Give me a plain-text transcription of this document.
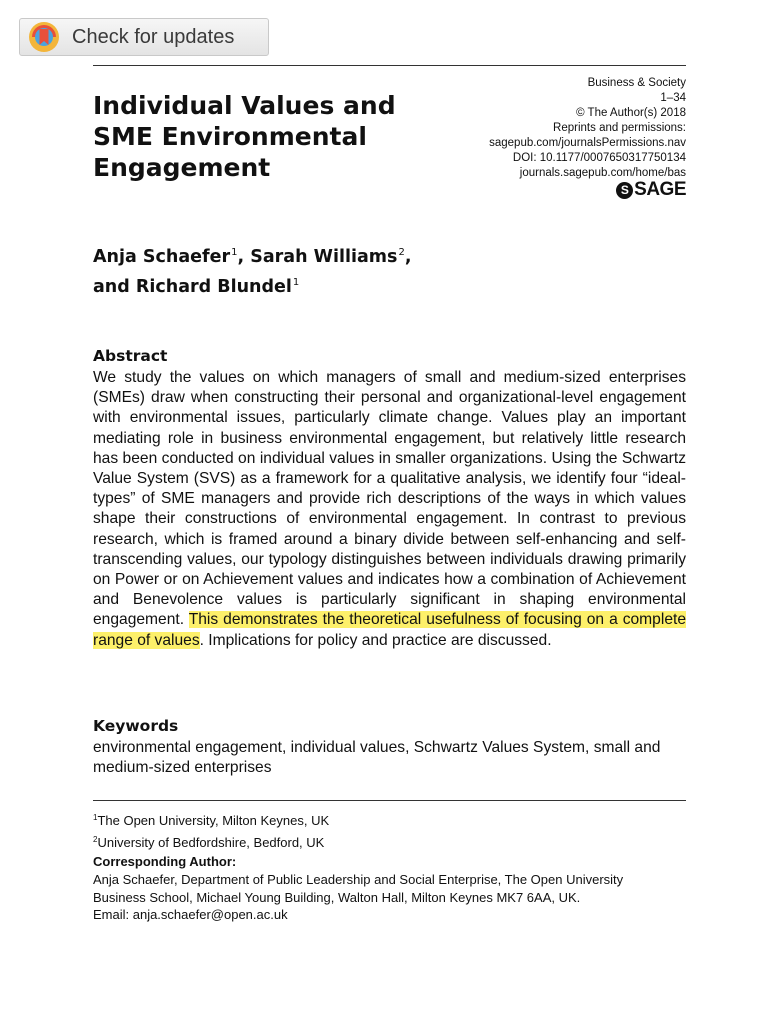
Check for updates
Business & Society
1–34
© The Author(s) 2018
Reprints and permissions:
sagepub.com/journalsPermissions.nav
DOI: 10.1177/0007650317750134
journals.sagepub.com/home/bas
S SAGE
Individual Values and SME Environmental Engagement
Anja Schaefer$^1$, Sarah Williams$^2$,
and Richard Blundel$^1$
Abstract

We study the values on which managers of small and medium-sized enterprises (SMEs) draw when constructing their personal and organizational-level engagement with environmental issues, particularly climate change. Values play an important mediating role in business environmental engagement, but relatively little research has been conducted on individual values in smaller organizations. Using the Schwartz Value System (SVS) as a framework for a qualitative analysis, we identify four “ideal-types” of SME managers and provide rich descriptions of the ways in which values shape their constructions of environmental engagement. In contrast to previous research, which is framed around a binary divide between self-enhancing and self-transcending values, our typology distinguishes between individuals drawing primarily on Power or on Achievement values and indicates how a combination of Achievement and Benevolence values is particularly significant in shaping environmental engagement. This demonstrates the theoretical usefulness of focusing on a complete range of values. Implications for policy and practice are discussed.

Keywords

environmental engagement, individual values, Schwartz Values System, small and medium-sized enterprises

$^1$The Open University, Milton Keynes, UK
$^2$University of Bedfordshire, Bedford, UK
Corresponding Author:
Anja Schaefer, Department of Public Leadership and Social Enterprise, The Open University
Business School, Michael Young Building, Walton Hall, Milton Keynes MK7 6AA, UK.
Email: anja.schaefer@open.ac.uk
